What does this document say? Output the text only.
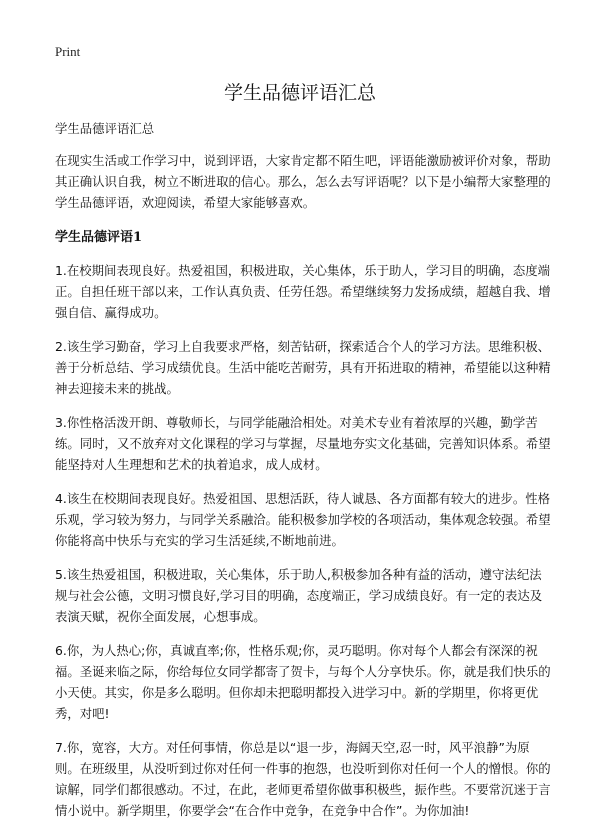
Print
学生品德评语汇总

学生品德评语汇总

在现实生活或工作学习中，说到评语，大家肯定都不陌生吧，评语能激励被评价对象，帮助其正确认识自我，树立不断进取的信心。那么，怎么去写评语呢？以下是小编帮大家整理的学生品德评语，欢迎阅读，希望大家能够喜欢。

学生品德评语1

1.在校期间表现良好。热爱祖国，积极进取，关心集体，乐于助人，学习目的明确，态度端正。自担任班干部以来，工作认真负责、任劳任怨。希望继续努力发扬成绩，超越自我、增强自信、赢得成功。

2.该生学习勤奋，学习上自我要求严格，刻苦钻研，探索适合个人的学习方法。思维积极、善于分析总结、学习成绩优良。生活中能吃苦耐劳，具有开拓进取的精神，希望能以这种精神去迎接未来的挑战。

3.你性格活泼开朗、尊敬师长，与同学能融洽相处。对美术专业有着浓厚的兴趣，勤学苦练。同时，又不放弃对文化课程的学习与掌握，尽量地夯实文化基础，完善知识体系。希望能坚持对人生理想和艺术的执着追求，成人成材。

4.该生在校期间表现良好。热爱祖国、思想活跃，待人诚恳、各方面都有较大的进步。性格乐观，学习较为努力，与同学关系融洽。能积极参加学校的各项活动，集体观念较强。希望你能将高中快乐与充实的学习生活延续,不断地前进。

5.该生热爱祖国，积极进取，关心集体，乐于助人,积极参加各种有益的活动，遵守法纪法规与社会公德，文明习惯良好,学习目的明确，态度端正，学习成绩良好。有一定的表达及表演天赋，祝你全面发展，心想事成。

6.你，为人热心;你，真诚直率;你，性格乐观;你，灵巧聪明。你对每个人都会有深深的祝福。圣诞来临之际，你给每位女同学都寄了贺卡，与每个人分享快乐。你，就是我们快乐的小天使。其实，你是多么聪明。但你却未把聪明都投入进学习中。新的学期里，你将更优秀，对吧!

7.你，宽容，大方。对任何事情，你总是以“退一步，海阔天空,忍一时，风平浪静”为原则。在班级里，从没听到过你对任何一件事的抱怨，也没听到你对任何一个人的憎恨。你的谅解，同学们都很感动。不过，在此，老师更希望你做事积极些，振作些。不要常沉迷于言情小说中。新学期里，你要学会“在合作中竞争，在竞争中合作”。为你加油!
